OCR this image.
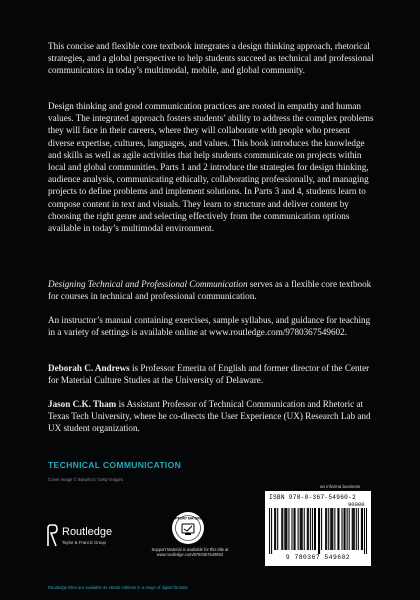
This concise and flexible core textbook integrates a design thinking approach, rhetorical strategies, and a global perspective to help students succeed as technical and professional communicators in today’s multimodal, mobile, and global community.

Design thinking and good communication practices are rooted in empathy and human values. The integrated approach fosters students’ ability to address the complex problems they will face in their careers, where they will collaborate with people who present diverse expertise, cultures, languages, and values. This book introduces the knowledge and skills as well as agile activities that help students communicate on projects within local and global communities. Parts 1 and 2 introduce the strategies for design thinking, audience analysis, communicating ethically, collaborating professionally, and managing projects to define problems and implement solutions. In Parts 3 and 4, students learn to compose content in text and visuals. They learn to structure and deliver content by choosing the right genre and selecting effectively from the communication options available in today’s multimodal environment.

Designing Technical and Professional Communication serves as a flexible core textbook for courses in technical and professional communication.

An instructor’s manual containing exercises, sample syllabus, and guidance for teaching in a variety of settings is available online at www.routledge.com/9780367549602.

Deborah C. Andrews is Professor Emerita of English and former director of the Center for Material Culture Studies at the University of Delaware.

Jason C.K. Tham is Assistant Professor of Technical Communication and Rhetoric at Texas Tech University, where he co-directs the User Experience (UX) Research Lab and UX student organization.

TECHNICAL COMMUNICATION
Cover image © Banphot / Getty Images
Routledge
Taylor & Francis Group
SUPPORT MATERIAL
Support Material is available for this title at www.routledge.com/9780367549602
an informa business
ISBN 978-0-367-54960-2
90000
9 780367 549602
Routledge titles are available as eBook editions in a range of digital formats
